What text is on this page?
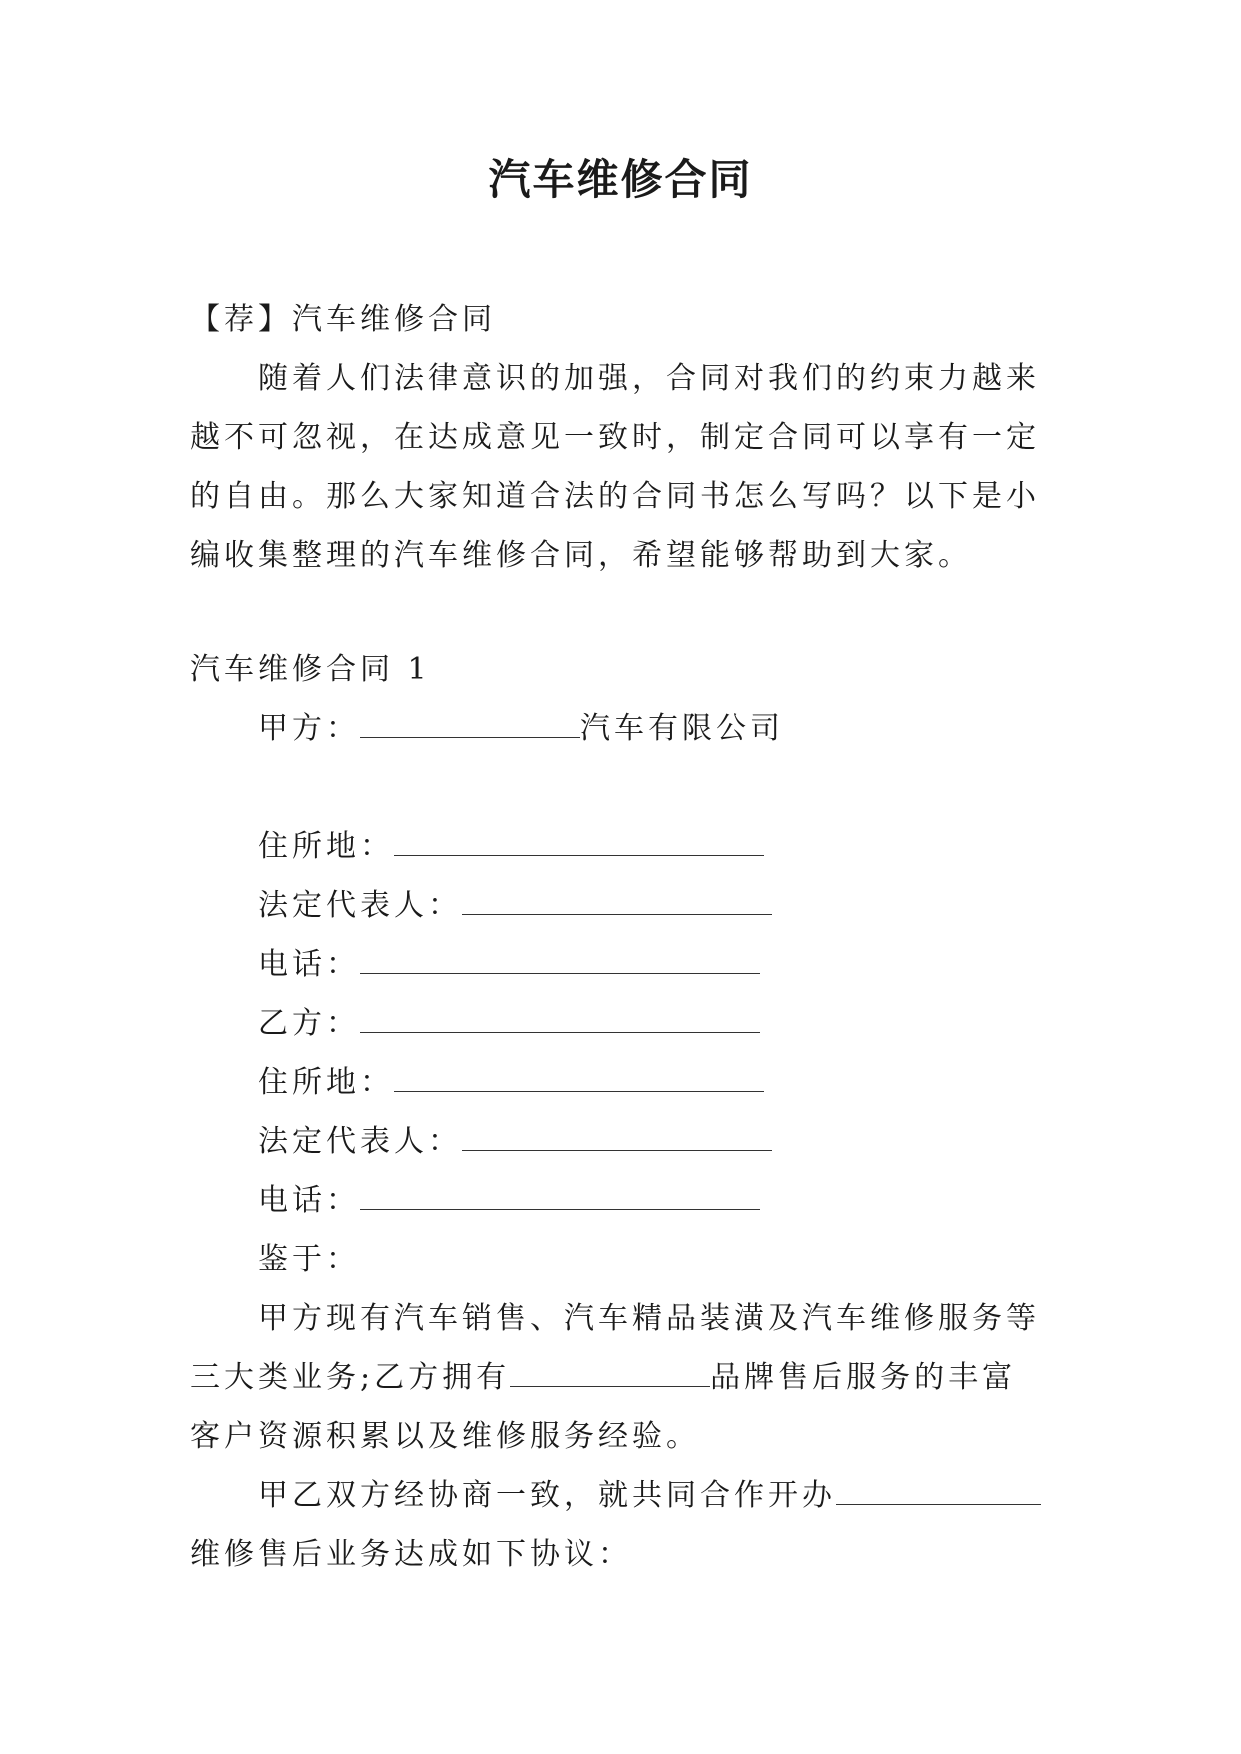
汽车维修合同

【荐】汽车维修合同

随着人们法律意识的加强，合同对我们的约束力越来越不可忽视，在达成意见一致时，制定合同可以享有一定的自由。那么大家知道合法的合同书怎么写吗？以下是小编收集整理的汽车维修合同，希望能够帮助到大家。

汽车维修合同 1

甲方：	汽车有限公司

住所地：

法定代表人：

电话：

乙方：

住所地：

法定代表人：

电话：

鉴于：

甲方现有汽车销售、汽车精品装潢及汽车维修服务等三大类业务;乙方拥有	品牌售后服务的丰富客户资源积累以及维修服务经验。

甲乙双方经协商一致，就共同合作开办维修售后业务达成如下协议：
